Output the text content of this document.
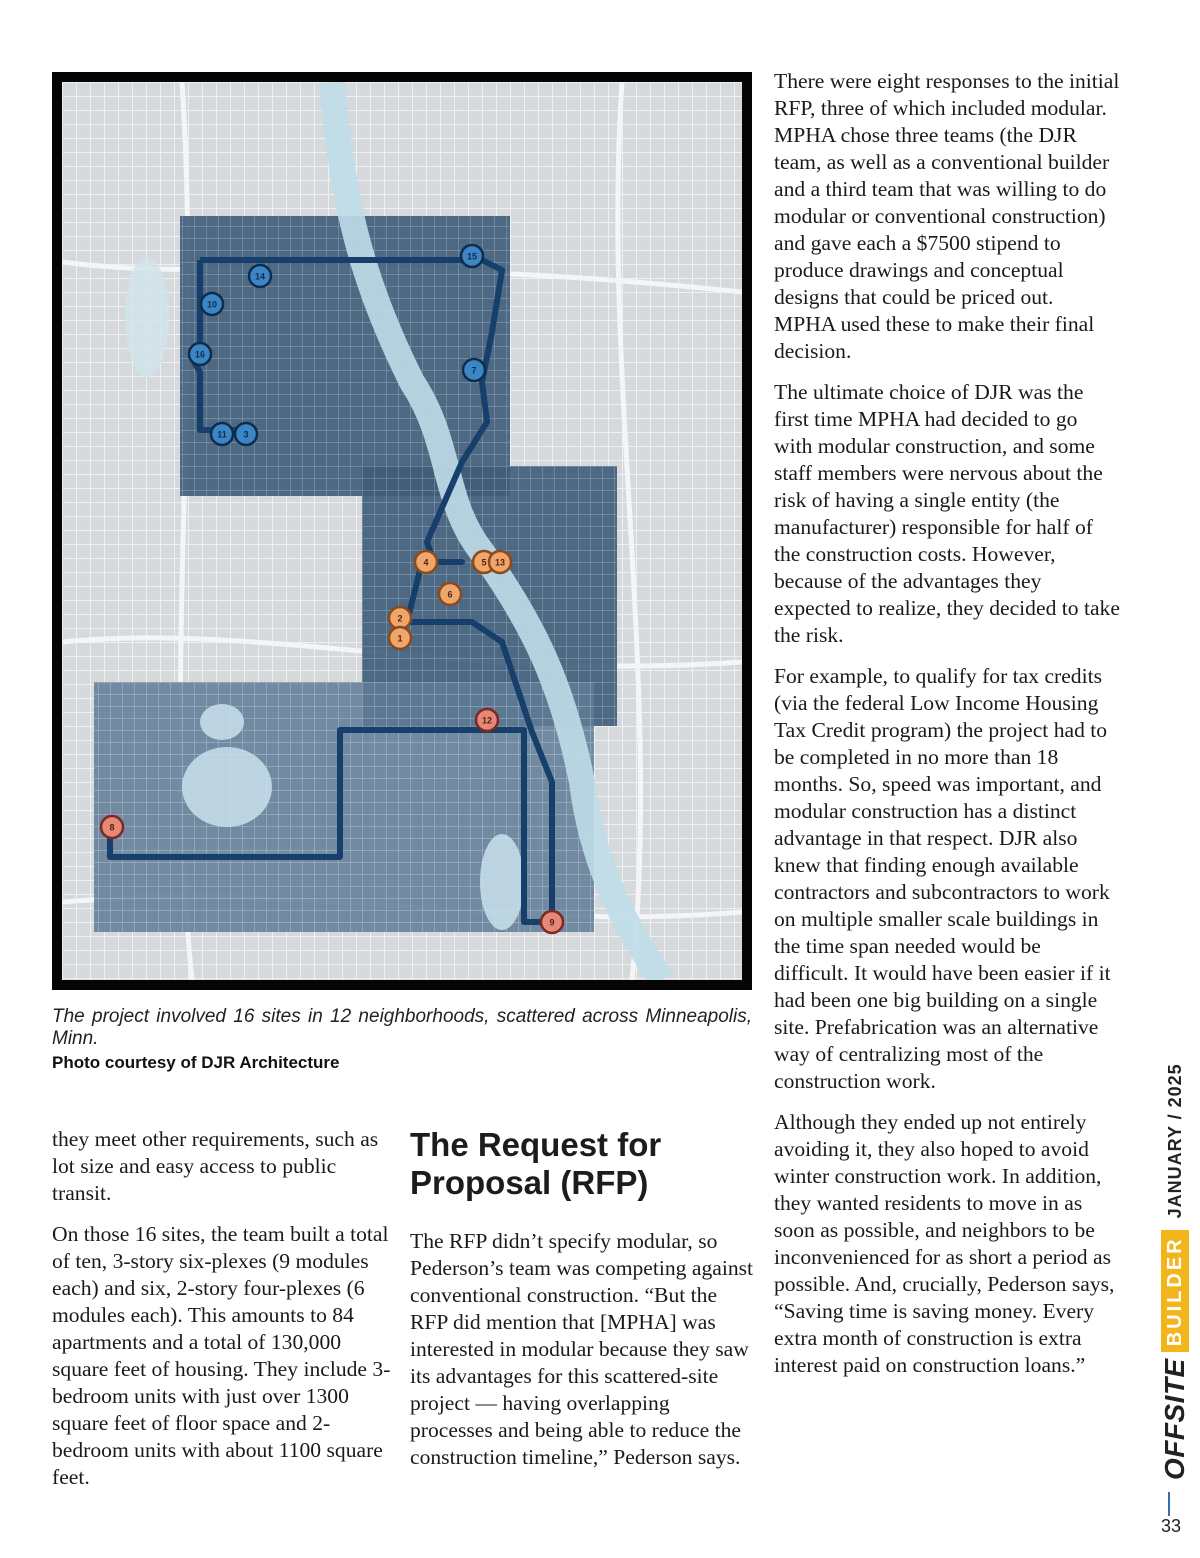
16
15
14
10
11 3
7
4	5 13
6
2
1
12
8
9

The project involved 16 sites in 12 neighborhoods, scattered across Minneapolis, Minn.

Photo courtesy of DJR Architecture

they meet other requirements, such as lot size and easy access to public transit.

On those 16 sites, the team built a total of ten, 3-story six-plexes (9 modules each) and six, 2-story four-plexes (6 modules each). This amounts to 84 apartments and a total of 130,000 square feet of housing. They include 3-bedroom units with just over 1300 square feet of floor space and 2-bedroom units with about 1100 square feet.

The Request for Proposal (RFP)

The RFP didn’t specify modular, so Pederson’s team was competing against conventional construction. “But the RFP did mention that [MPHA] was interested in modular because they saw its advantages for this scattered-site project — having overlapping processes and being able to reduce the construction timeline,” Pederson says.

There were eight responses to the initial RFP, three of which included modular. MPHA chose three teams (the DJR team, as well as a conventional builder and a third team that was willing to do modular or conventional construction) and gave each a $7500 stipend to produce drawings and conceptual designs that could be priced out. MPHA used these to make their final decision.

The ultimate choice of DJR was the first time MPHA had decided to go with modular construction, and some staff members were nervous about the risk of having a single entity (the manufacturer) responsible for half of the construction costs. However, because of the advantages they expected to realize, they decided to take the risk.

For example, to qualify for tax credits (via the federal Low Income Housing Tax Credit program) the project had to be completed in no more than 18 months. So, speed was important, and modular construction has a distinct advantage in that respect. DJR also knew that finding enough available contractors and subcontractors to work on multiple smaller scale buildings in the time span needed would be difficult. It would have been easier if it had been one big building on a single site. Prefabrication was an alternative way of centralizing most of the construction work.

Although they ended up not entirely avoiding it, they also hoped to avoid winter construction work. In addition, they wanted residents to move in as soon as possible, and neighbors to be inconvenienced for as short a period as possible. And, crucially, Pederson says, “Saving time is saving money. Every extra month of construction is extra interest paid on construction loans.”	OFFSITE
BUILDER
JANUARY / 2025
33
